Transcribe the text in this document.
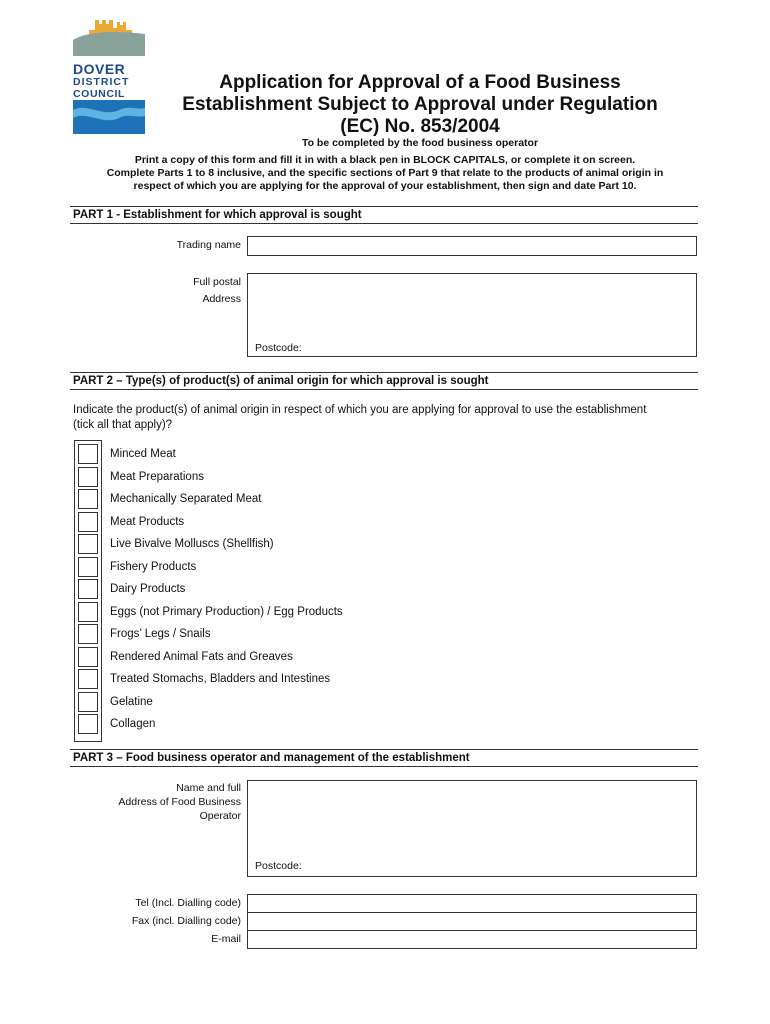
DOVER
DISTRICT
COUNCIL
Application for Approval of a Food Business
Establishment Subject to Approval under Regulation
(EC) No. 853/2004
To be completed by the food business operator
Print a copy of this form and fill it in with a black pen in BLOCK CAPITALS, or complete it on screen.
Complete Parts 1 to 8 inclusive, and the specific sections of Part 9 that relate to the products of animal origin in
respect of which you are applying for the approval of your establishment, then sign and date Part 10.
PART 1 - Establishment for which approval is sought
Trading name
Full postal
Address
Postcode:
PART 2 – Type(s) of product(s) of animal origin for which approval is sought
Indicate the product(s) of animal origin in respect of which you are applying for approval to use the establishment
(tick all that apply)?
Minced Meat
Meat Preparations
Mechanically Separated Meat
Meat Products
Live Bivalve Molluscs (Shellfish)
Fishery Products
Dairy Products
Eggs (not Primary Production) / Egg Products
Frogs’ Legs / Snails
Rendered Animal Fats and Greaves
Treated Stomachs, Bladders and Intestines
Gelatine
Collagen
PART 3 – Food business operator and management of the establishment
Name and full
Address of Food Business
Operator
Postcode:
Tel (Incl. Dialling code)
Fax (incl. Dialling code)
E-mail
